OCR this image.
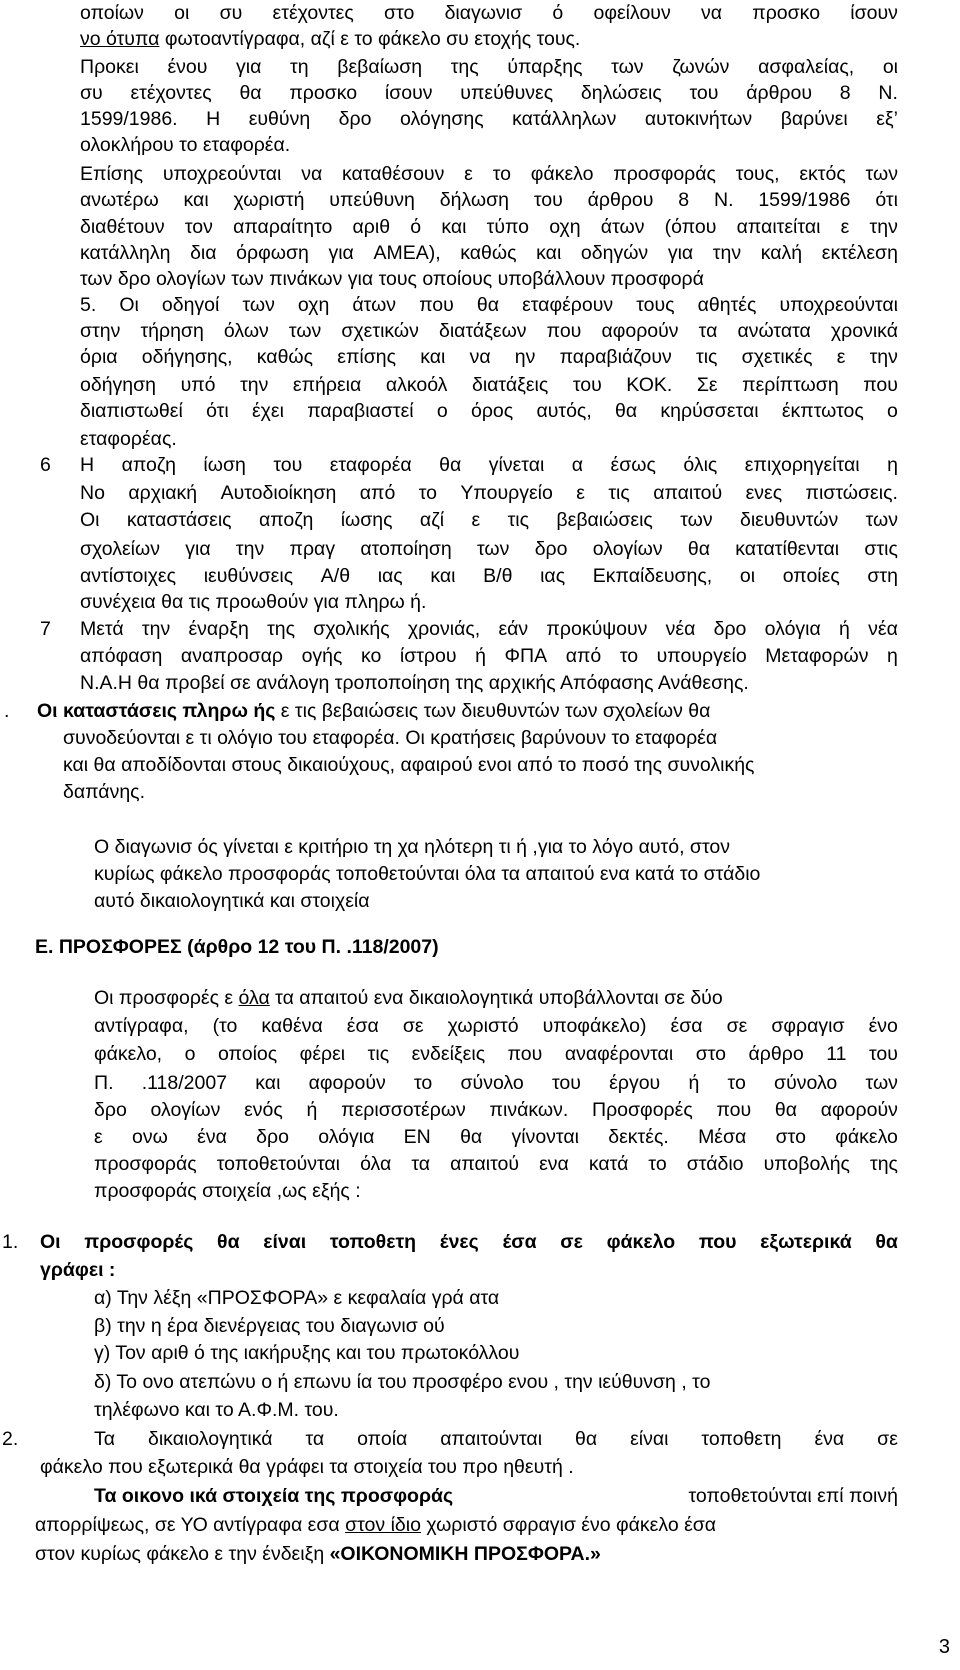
οποίων οι συ ετέχοντες στο διαγωνισ ό οφείλουν να προσκο ίσουν
νο ότυπα φωτοαντίγραφα, αζί ε το φάκελο συ ετοχής τους.
Προκει ένου για τη βεβαίωση της ύπαρξης των ζωνών ασφαλείας, οι
συ ετέχοντες θα προσκο ίσουν υπεύθυνες δηλώσεις του άρθρου 8 Ν.
1599/1986. Η ευθύνη δρο ολόγησης κατάλληλων αυτοκινήτων βαρύνει εξ’
ολοκλήρου το εταφορέα.
Επίσης υποχρεούνται να καταθέσουν ε το φάκελο προσφοράς τους, εκτός των
ανωτέρω και χωριστή υπεύθυνη δήλωση του άρθρου 8 Ν. 1599/1986 ότι
διαθέτουν τον απαραίτητο αριθ ό και τύπο οχη άτων (όπου απαιτείται ε την
κατάλληλη δια όρφωση για ΑΜΕΑ), καθώς και οδηγών για την καλή εκτέλεση
των δρο ολογίων των πινάκων για τους οποίους υποβάλλουν προσφορά
5. Οι οδηγοί των οχη άτων που θα εταφέρουν τους αθητές υποχρεούνται
στην τήρηση όλων των σχετικών διατάξεων που αφορούν τα ανώτατα χρονικά
όρια οδήγησης, καθώς επίσης και να ην παραβιάζουν τις σχετικές ε την
οδήγηση υπό την επήρεια αλκοόλ διατάξεις του ΚΟΚ. Σε περίπτωση που
διαπιστωθεί ότι έχει παραβιαστεί ο όρος αυτός, θα κηρύσσεται έκπτωτος ο
εταφορέας.
6 Η αποζη ίωση του εταφορέα θα γίνεται α έσως όλις επιχορηγείται η
Νο αρχιακή Αυτοδιοίκηση από το Υπουργείο ε τις απαιτού ενες πιστώσεις.
Οι καταστάσεις αποζη ίωσης αζί ε τις βεβαιώσεις των διευθυντών των
σχολείων για την πραγ ατοποίηση των δρο ολογίων θα κατατίθενται στις
αντίστοιχες ιευθύνσεις Α/θ ιας και Β/θ ιας Εκπαίδευσης, οι οποίες στη
συνέχεια θα τις προωθούν για πληρω ή.
7 Μετά την έναρξη της σχολικής χρονιάς, εάν προκύψουν νέα δρο ολόγια ή νέα
απόφαση αναπροσαρ ογής κο ίστρου ή ΦΠΑ από το υπουργείο Μεταφορών η
Ν.Α.Η θα προβεί σε ανάλογη τροποποίηση της αρχικής Απόφασης Ανάθεσης.
. Οι καταστάσεις πληρω ής ε τις βεβαιώσεις των διευθυντών των σχολείων θα
συνοδεύονται ε τι ολόγιο του εταφορέα. Οι κρατήσεις βαρύνουν το εταφορέα
και θα αποδίδονται στους δικαιούχους, αφαιρού ενοι από το ποσό της συνολικής
δαπάνης.
Ο διαγωνισ ός γίνεται ε κριτήριο τη χα ηλότερη τι ή ,για το λόγο αυτό, στον
κυρίως φάκελο προσφοράς τοποθετούνται όλα τα απαιτού ενα κατά το στάδιο
αυτό δικαιολογητικά και στοιχεία
Ε. ΠΡΟΣΦΟΡΕΣ (άρθρο 12 του Π. .118/2007)
Οι προσφορές ε όλα τα απαιτού ενα δικαιολογητικά υποβάλλονται σε δύο
αντίγραφα, (το καθένα έσα σε χωριστό υποφάκελο) έσα σε σφραγισ ένο
φάκελο, ο οποίος φέρει τις ενδείξεις που αναφέρονται στο άρθρο 11 του
Π. .118/2007 και αφορούν το σύνολο του έργου ή το σύνολο των
δρο ολογίων ενός ή περισσοτέρων πινάκων. Προσφορές που θα αφορούν
ε ονω ένα δρο ολόγια ΕΝ θα γίνονται δεκτές. Μέσα στο φάκελο
προσφοράς τοποθετούνται όλα τα απαιτού ενα κατά το στάδιο υποβολής της
προσφοράς στοιχεία ,ως εξής :
1. Οι προσφορές θα είναι τοποθετη ένες έσα σε φάκελο που εξωτερικά θα
γράφει :
α) Την λέξη «ΠΡΟΣΦΟΡΑ» ε κεφαλαία γρά ατα
β) την η έρα διενέργειας του διαγωνισ ού
γ) Τον αριθ ό της ιακήρυξης και του πρωτοκόλλου
δ) Το ονο ατεπώνυ ο ή επωνυ ία του προσφέρο ενου , την ιεύθυνση , το
τηλέφωνο και το Α.Φ.Μ. του.
2.	Τα δικαιολογητικά τα οποία απαιτούνται θα είναι τοποθετη ένα σε
φάκελο που εξωτερικά θα γράφει τα στοιχεία του προ ηθευτή .
Τα οικονο ικά στοιχεία της προσφοράς	τοποθετούνται επί ποινή
απορρίψεως, σε ΥΟ αντίγραφα εσα στον ίδιο χωριστό σφραγισ ένο φάκελο έσα
στον κυρίως φάκελο ε την ένδειξη «ΟΙΚΟΝΟΜΙΚΗ ΠΡΟΣΦΟΡΑ.»
3
